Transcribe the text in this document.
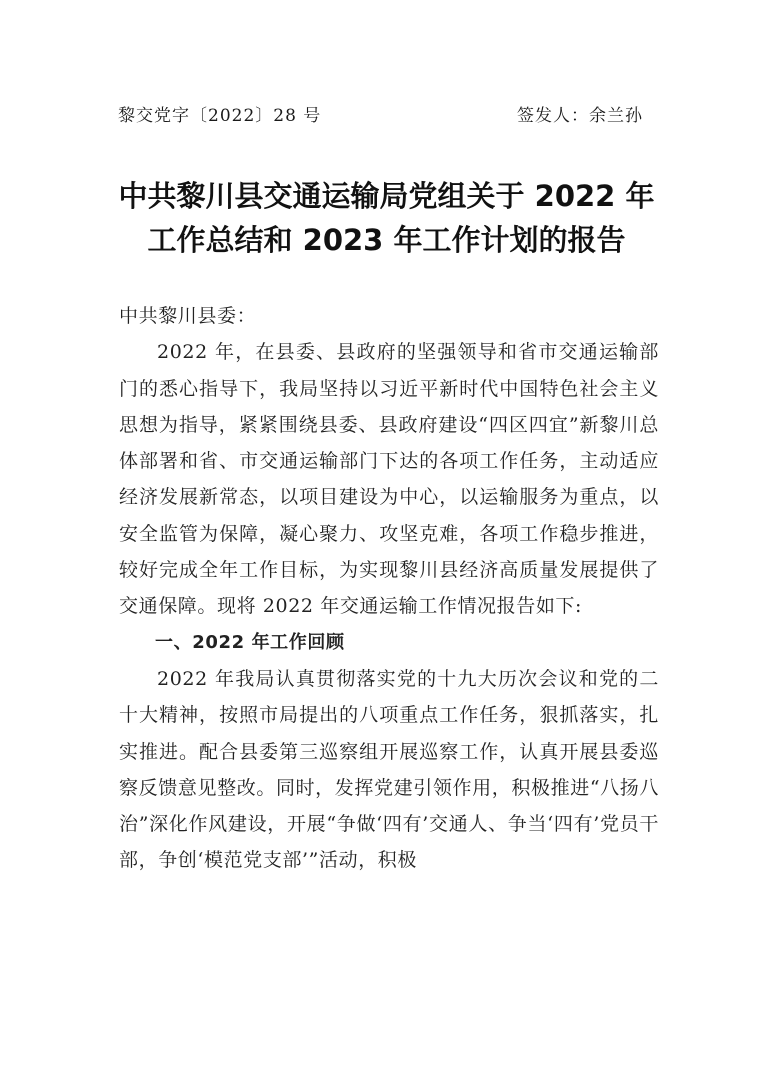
黎交党字〔2022〕28 号	签发人：余兰孙
中共黎川县交通运输局党组关于 2022 年
工作总结和 2023 年工作计划的报告

中共黎川县委：

2022 年，在县委、县政府的坚强领导和省市交通运输部门的悉心指导下，我局坚持以习近平新时代中国特色社会主义思想为指导，紧紧围绕县委、县政府建设“四区四宜”新黎川总体部署和省、市交通运输部门下达的各项工作任务，主动适应经济发展新常态，以项目建设为中心，以运输服务为重点，以安全监管为保障，凝心聚力、攻坚克难，各项工作稳步推进，较好完成全年工作目标，为实现黎川县经济高质量发展提供了交通保障。现将 2022 年交通运输工作情况报告如下:

一、2022 年工作回顾

2022 年我局认真贯彻落实党的十九大历次会议和党的二十大精神，按照市局提出的八项重点工作任务，狠抓落实，扎实推进。配合县委第三巡察组开展巡察工作，认真开展县委巡察反馈意见整改。同时，发挥党建引领作用，积极推进“八扬八治”深化作风建设，开展“争做‘四有’交通人、争当‘四有’党员干部，争创‘模范党支部’”活动，积极
